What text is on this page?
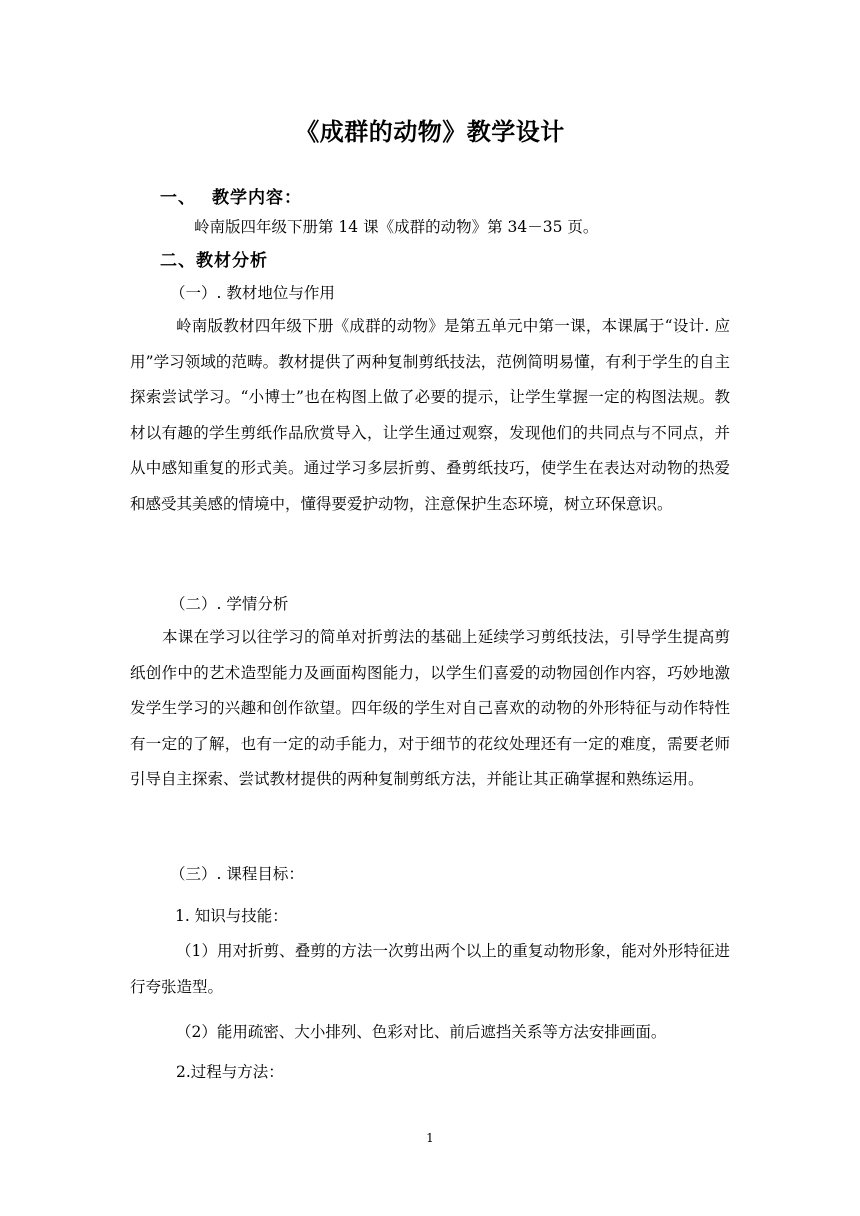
《成群的动物》教学设计
一、 教学内容：
岭南版四年级下册第 14 课《成群的动物》第 34－35 页。
二、教材分析
（一）. 教材地位与作用

岭南版教材四年级下册《成群的动物》是第五单元中第一课，本课属于“设计. 应用”学习领域的范畴。教材提供了两种复制剪纸技法，范例简明易懂，有利于学生的自主探索尝试学习。“小博士”也在构图上做了必要的提示，让学生掌握一定的构图法规。教材以有趣的学生剪纸作品欣赏导入，让学生通过观察，发现他们的共同点与不同点，并从中感知重复的形式美。通过学习多层折剪、叠剪纸技巧，使学生在表达对动物的热爱和感受其美感的情境中，懂得要爱护动物，注意保护生态环境，树立环保意识。

（二）. 学情分析

本课在学习以往学习的简单对折剪法的基础上延续学习剪纸技法，引导学生提高剪纸创作中的艺术造型能力及画面构图能力，以学生们喜爱的动物园创作内容，巧妙地激发学生学习的兴趣和创作欲望。四年级的学生对自己喜欢的动物的外形特征与动作特性有一定的了解，也有一定的动手能力，对于细节的花纹处理还有一定的难度，需要老师引导自主探索、尝试教材提供的两种复制剪纸方法，并能让其正确掌握和熟练运用。

（三）. 课程目标：
1. 知识与技能：

（1）用对折剪、叠剪的方法一次剪出两个以上的重复动物形象，能对外形特征进行夸张造型。

（2）能用疏密、大小排列、色彩对比、前后遮挡关系等方法安排画面。
2.过程与方法：
1
